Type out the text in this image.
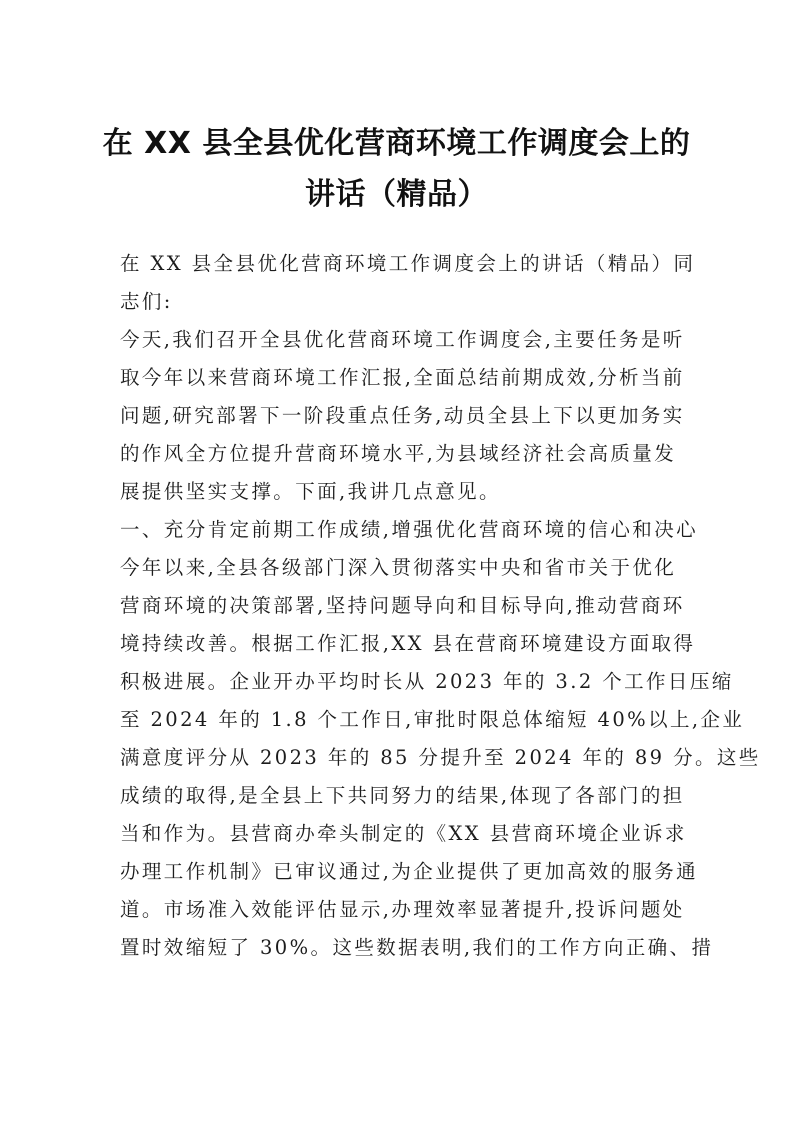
在 XX 县全县优化营商环境工作调度会上的
讲话（精品）

在 XX 县全县优化营商环境工作调度会上的讲话（精品）同

志们:

今天,我们召开全县优化营商环境工作调度会,主要任务是听

取今年以来营商环境工作汇报,全面总结前期成效,分析当前

问题,研究部署下一阶段重点任务,动员全县上下以更加务实

的作风全方位提升营商环境水平,为县域经济社会高质量发

展提供坚实支撑。下面,我讲几点意见。

一、充分肯定前期工作成绩,增强优化营商环境的信心和决心

今年以来,全县各级部门深入贯彻落实中央和省市关于优化

营商环境的决策部署,坚持问题导向和目标导向,推动营商环

境持续改善。根据工作汇报,XX 县在营商环境建设方面取得

积极进展。企业开办平均时长从 2023 年的 3.2 个工作日压缩

至 2024 年的 1.8 个工作日,审批时限总体缩短 40%以上,企业

满意度评分从 2023 年的 85 分提升至 2024 年的 89 分。这些

成绩的取得,是全县上下共同努力的结果,体现了各部门的担

当和作为。县营商办牵头制定的《XX 县营商环境企业诉求

办理工作机制》已审议通过,为企业提供了更加高效的服务通

道。市场准入效能评估显示,办理效率显著提升,投诉问题处

置时效缩短了 30%。这些数据表明,我们的工作方向正确、措
